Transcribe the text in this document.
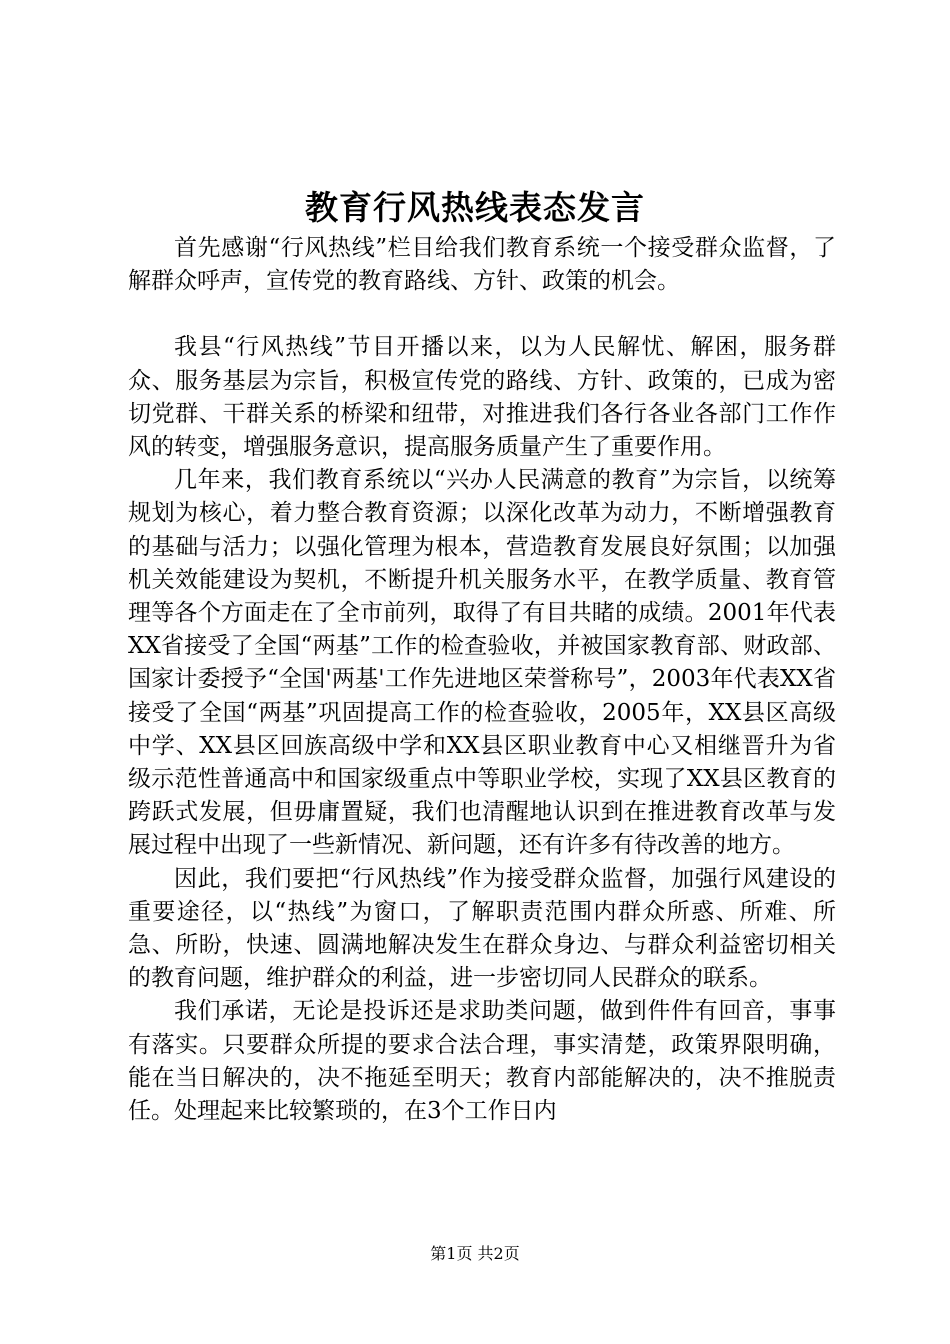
教育行风热线表态发言

首先感谢“行风热线”栏目给我们教育系统一个接受群众监督，了解群众呼声，宣传党的教育路线、方针、政策的机会。

我县“行风热线”节目开播以来，以为人民解忧、解困，服务群众、服务基层为宗旨，积极宣传党的路线、方针、政策的，已成为密切党群、干群关系的桥梁和纽带，对推进我们各行各业各部门工作作风的转变，增强服务意识，提高服务质量产生了重要作用。

几年来，我们教育系统以“兴办人民满意的教育”为宗旨，以统筹规划为核心，着力整合教育资源；以深化改革为动力，不断增强教育的基础与活力；以强化管理为根本，营造教育发展良好氛围；以加强机关效能建设为契机，不断提升机关服务水平，在教学质量、教育管理等各个方面走在了全市前列，取得了有目共睹的成绩。2001年代表XX省接受了全国“两基”工作的检查验收，并被国家教育部、财政部、国家计委授予“全国'两基'工作先进地区荣誉称号”，2003年代表XX省接受了全国“两基”巩固提高工作的检查验收，2005年，XX县区高级中学、XX县区回族高级中学和XX县区职业教育中心又相继晋升为省级示范性普通高中和国家级重点中等职业学校，实现了XX县区教育的跨跃式发展，但毋庸置疑，我们也清醒地认识到在推进教育改革与发展过程中出现了一些新情况、新问题，还有许多有待改善的地方。

因此，我们要把“行风热线”作为接受群众监督，加强行风建设的重要途径，以“热线”为窗口，了解职责范围内群众所惑、所难、所急、所盼，快速、圆满地解决发生在群众身边、与群众利益密切相关的教育问题，维护群众的利益，进一步密切同人民群众的联系。

我们承诺，无论是投诉还是求助类问题，做到件件有回音，事事有落实。只要群众所提的要求合法合理，事实清楚，政策界限明确，能在当日解决的，决不拖延至明天；教育内部能解决的，决不推脱责任。处理起来比较繁琐的，在3个工作日内

第1页 共2页
